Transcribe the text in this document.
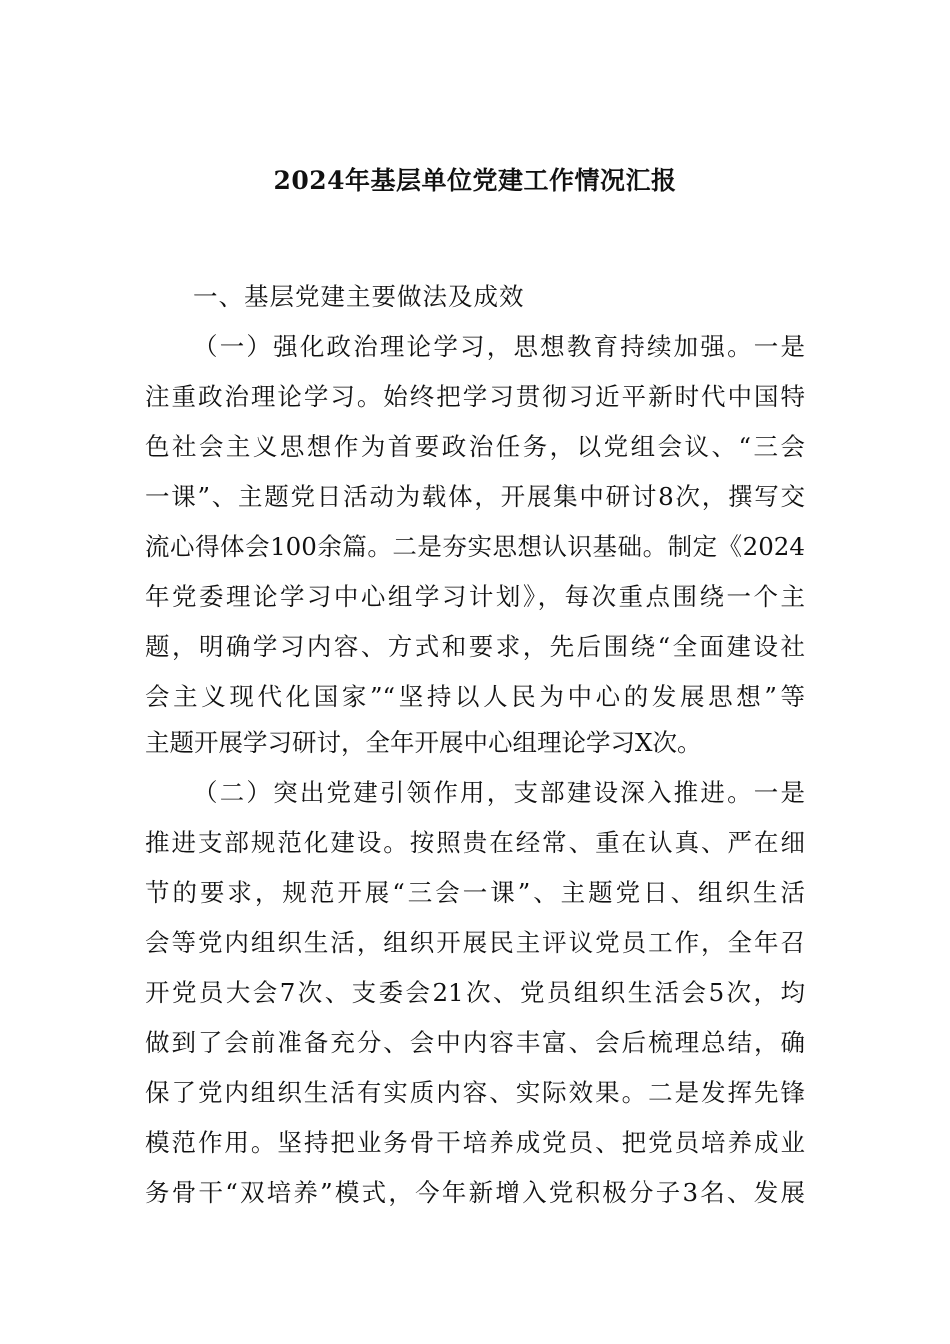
2024年基层单位党建工作情况汇报
一、基层党建主要做法及成效
（一）强化政治理论学习，思想教育持续加强。一是
注重政治理论学习。始终把学习贯彻习近平新时代中国特
色社会主义思想作为首要政治任务，以党组会议、“三会
一课”、主题党日活动为载体，开展集中研讨8次，撰写交
流心得体会100余篇。二是夯实思想认识基础。制定《2024
年党委理论学习中心组学习计划》，每次重点围绕一个主
题，明确学习内容、方式和要求，先后围绕“全面建设社
会主义现代化国家”“坚持以人民为中心的发展思想”等
主题开展学习研讨，全年开展中心组理论学习X次。
（二）突出党建引领作用，支部建设深入推进。一是
推进支部规范化建设。按照贵在经常、重在认真、严在细
节的要求，规范开展“三会一课”、主题党日、组织生活
会等党内组织生活，组织开展民主评议党员工作，全年召
开党员大会7次、支委会21次、党员组织生活会5次，均
做到了会前准备充分、会中内容丰富、会后梳理总结，确
保了党内组织生活有实质内容、实际效果。二是发挥先锋
模范作用。坚持把业务骨干培养成党员、把党员培养成业
务骨干“双培养”模式，今年新增入党积极分子3名、发展
